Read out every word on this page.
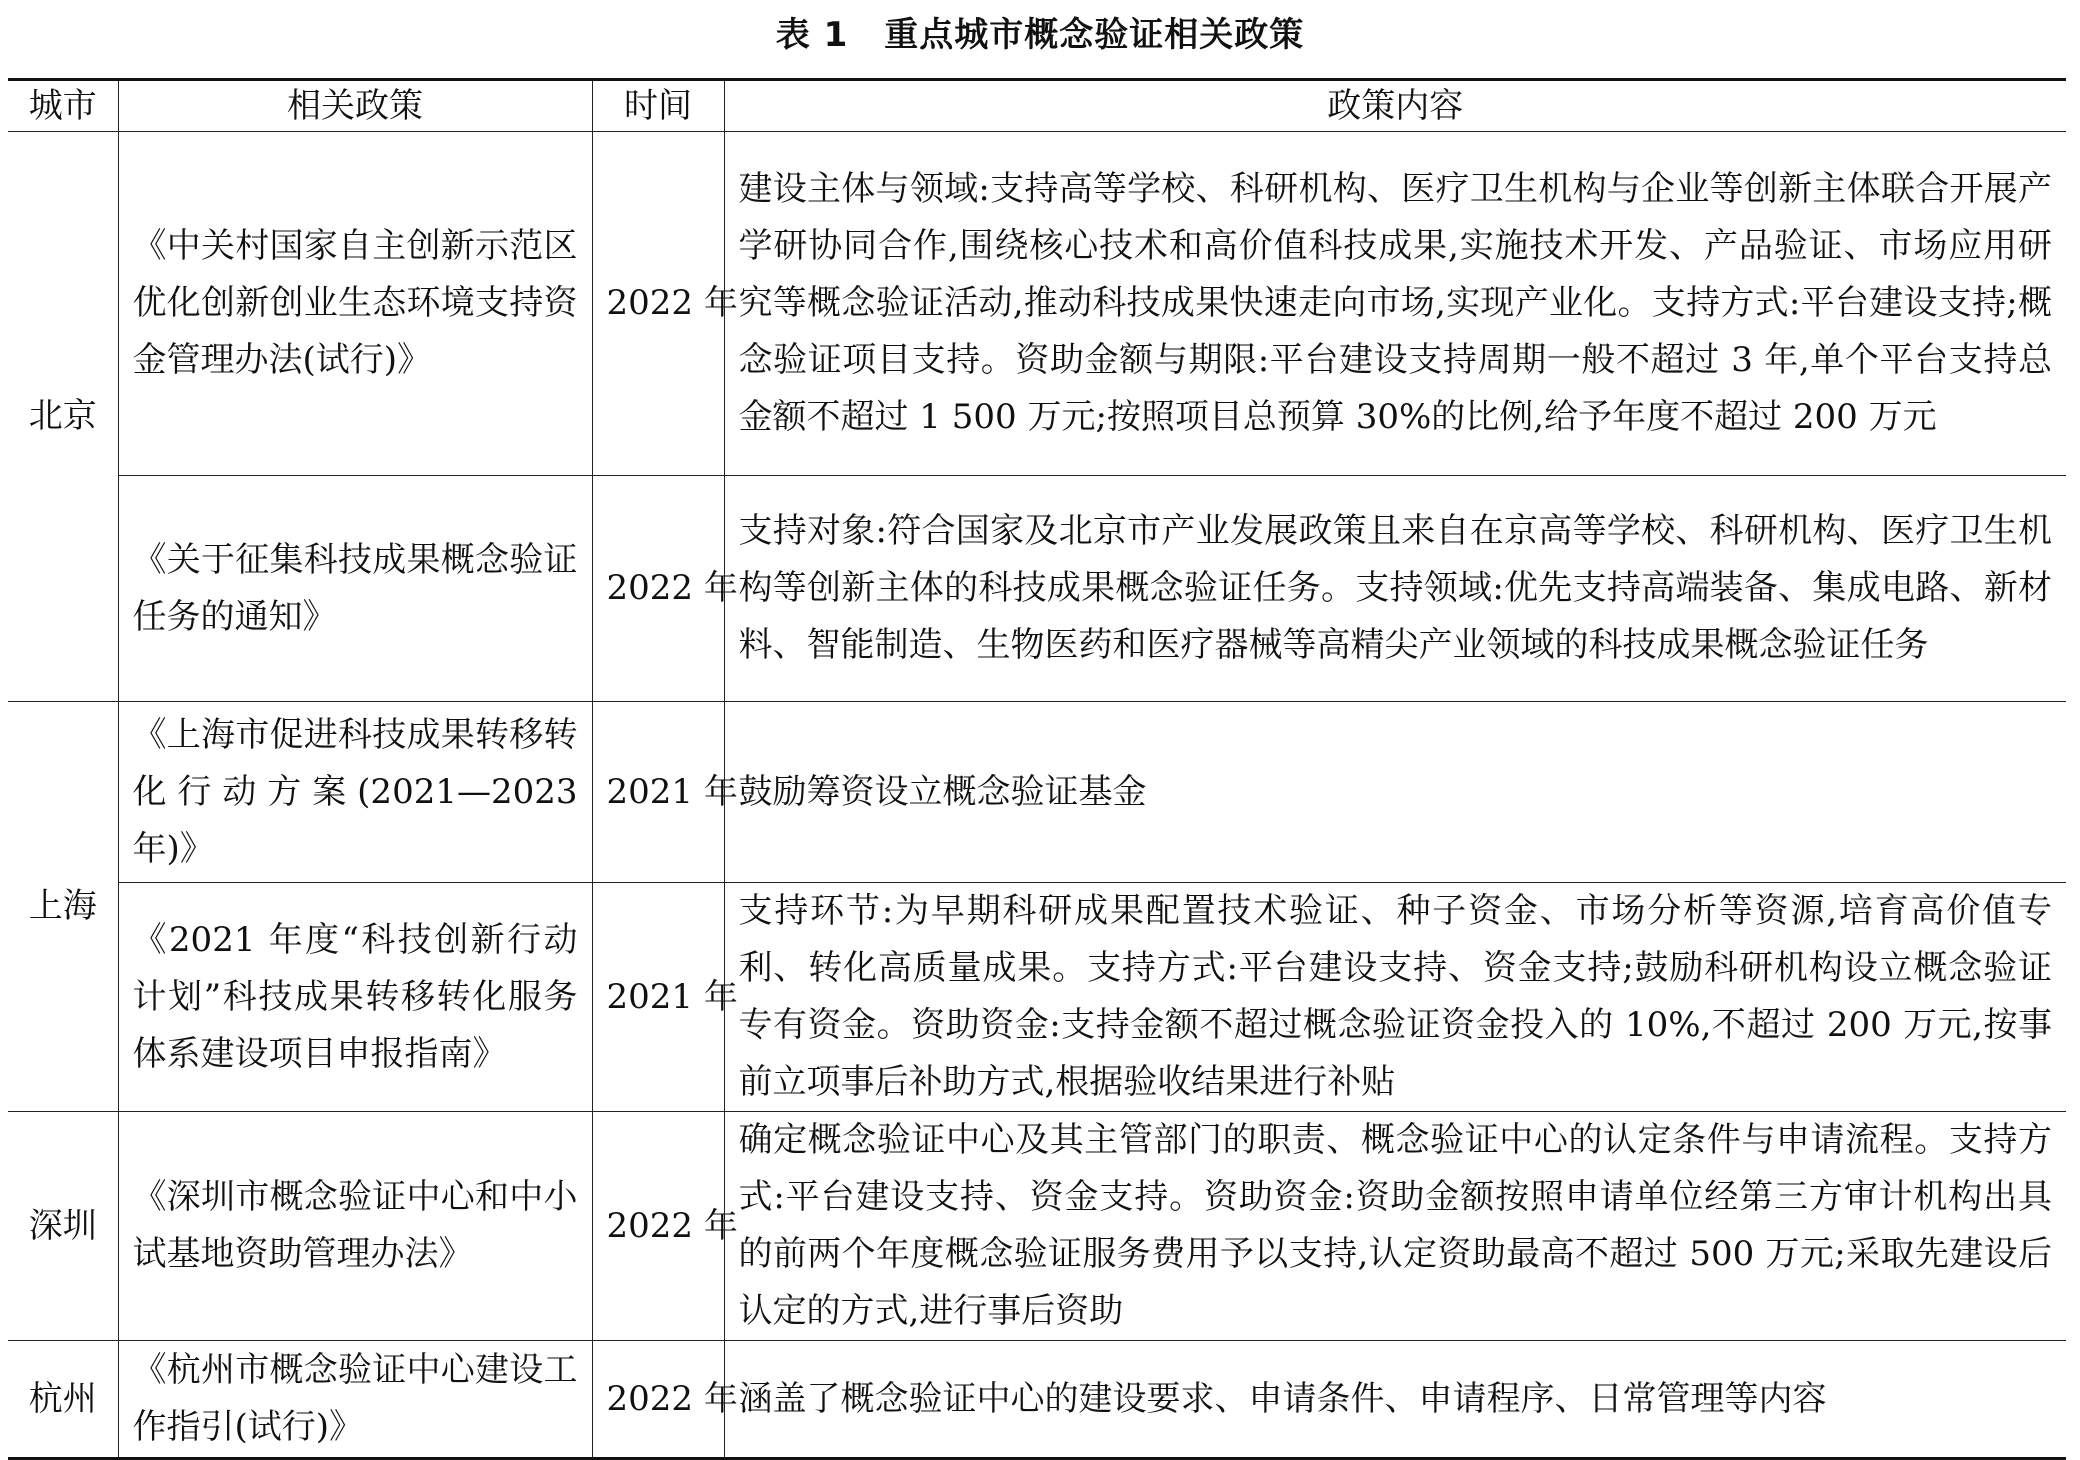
表 1 重点城市概念验证相关政策
城市	相关政策	时间	政策内容
北京	《中关村国家自主创新示范区优化创新创业生态环境支持资金管理办法(试行)》	2022 年	建设主体与领域:支持高等学校、科研机构、医疗卫生机构与企业等创新主体联合开展产学研协同合作,围绕核心技术和高价值科技成果,实施技术开发、产品验证、市场应用研究等概念验证活动,推动科技成果快速走向市场,实现产业化。支持方式:平台建设支持;概念验证项目支持。资助金额与期限:平台建设支持周期一般不超过 3 年,单个平台支持总金额不超过 1 500 万元;按照项目总预算 30%的比例,给予年度不超过 200 万元
	《关于征集科技成果概念验证任务的通知》	2022 年	支持对象:符合国家及北京市产业发展政策且来自在京高等学校、科研机构、医疗卫生机构等创新主体的科技成果概念验证任务。支持领域:优先支持高端装备、集成电路、新材料、智能制造、生物医药和医疗器械等高精尖产业领域的科技成果概念验证任务
上海	《上海市促进科技成果转移转化行动方案(2021—2023 年)》	2021 年	鼓励筹资设立概念验证基金
	《2021 年度“科技创新行动计划”科技成果转移转化服务体系建设项目申报指南》	2021 年	支持环节:为早期科研成果配置技术验证、种子资金、市场分析等资源,培育高价值专利、转化高质量成果。支持方式:平台建设支持、资金支持;鼓励科研机构设立概念验证专有资金。资助资金:支持金额不超过概念验证资金投入的 10%,不超过 200 万元,按事前立项事后补助方式,根据验收结果进行补贴
深圳	《深圳市概念验证中心和中小试基地资助管理办法》	2022 年	确定概念验证中心及其主管部门的职责、概念验证中心的认定条件与申请流程。支持方式:平台建设支持、资金支持。资助资金:资助金额按照申请单位经第三方审计机构出具的前两个年度概念验证服务费用予以支持,认定资助最高不超过 500 万元;采取先建设后认定的方式,进行事后资助
杭州	《杭州市概念验证中心建设工作指引(试行)》	2022 年	涵盖了概念验证中心的建设要求、申请条件、申请程序、日常管理等内容
